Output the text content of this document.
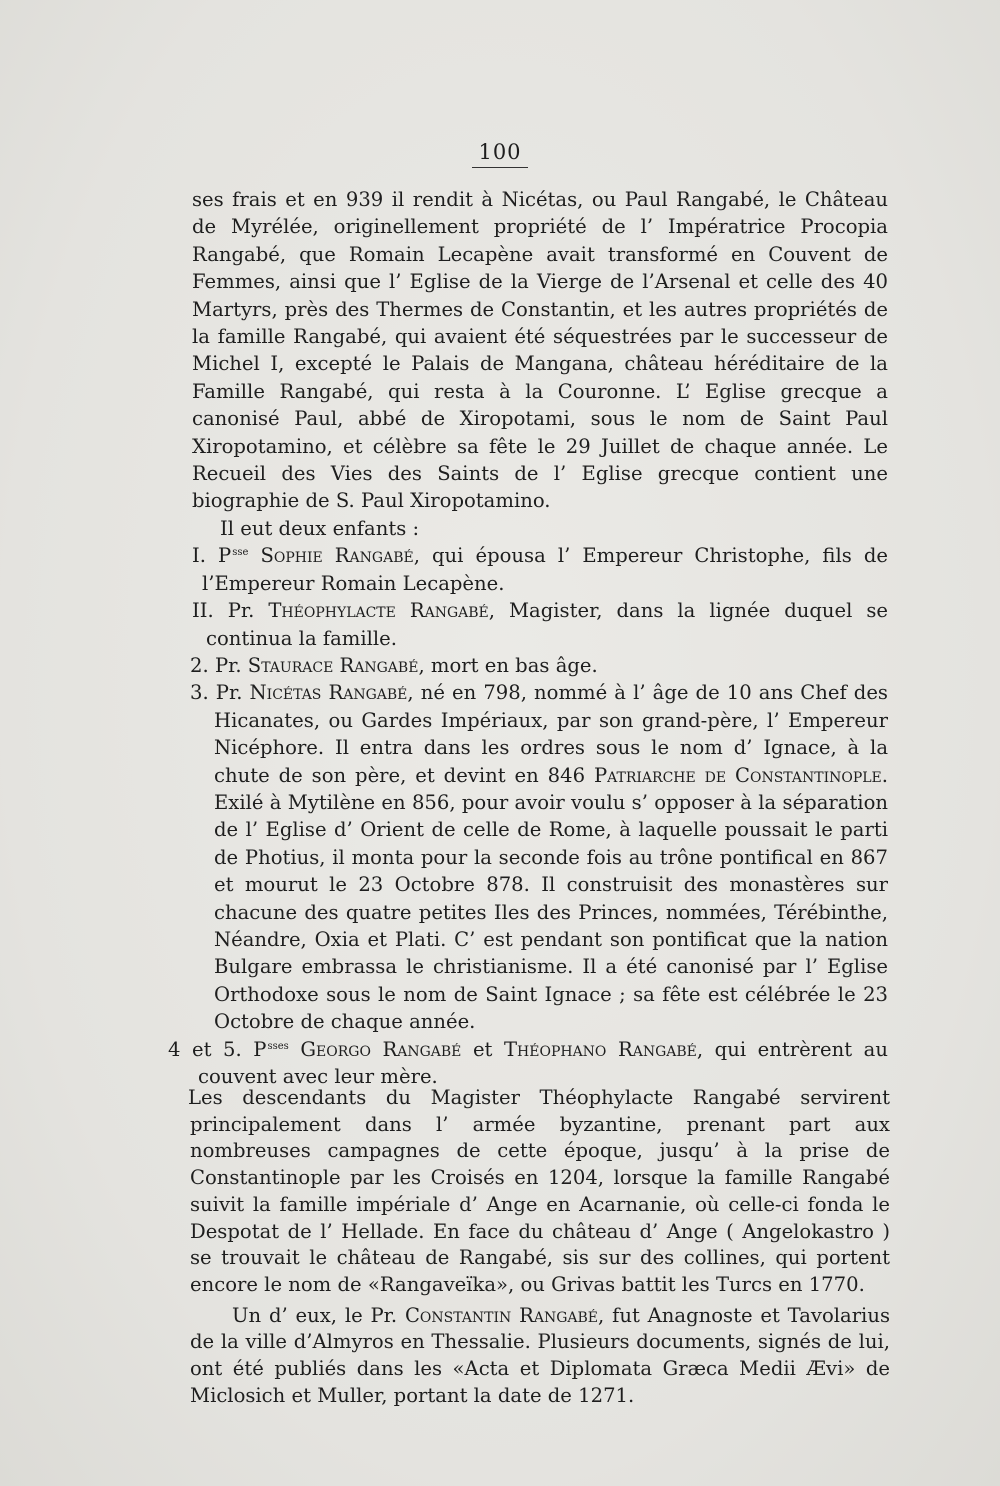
100

ses frais et en 939 il rendit à Nicétas, ou Paul Rangabé, le Château de Myrélée, originellement propriété de l’ Impératrice Procopia Rangabé, que Romain Lecapène avait transformé en Couvent de Femmes, ainsi que l’ Eglise de la Vierge de l’Arsenal et celle des 40 Martyrs, près des Thermes de Constantin, et les autres propriétés de la famille Rangabé, qui avaient été séquestrées par le successeur de Michel I, excepté le Palais de Mangana, château héréditaire de la Famille Rangabé, qui resta à la Couronne. L’ Eglise grecque a canonisé Paul, abbé de Xiropotami, sous le nom de Saint Paul Xiropotamino, et célèbre sa fête le 29 Juillet de chaque année. Le Recueil des Vies des Saints de l’ Eglise grecque contient une biographie de S. Paul Xiropotamino.

Il eut deux enfants :

I. $P^{sse}$ Sophie Rangabé, qui épousa l’ Empereur Christophe, fils de l’Empereur Romain Lecapène.

II. Pr. Théophylacte Rangabé, Magister, dans la lignée duquel se continua la famille.

2. Pr. Staurace Rangabé, mort en bas âge.

3. Pr. Nicétas Rangabé, né en 798, nommé à l’ âge de 10 ans Chef des Hicanates, ou Gardes Impériaux, par son grand-père, l’ Empereur Nicéphore. Il entra dans les ordres sous le nom d’ Ignace, à la chute de son père, et devint en 846 Patriarche de Constantinople. Exilé à Mytilène en 856, pour avoir voulu s’ opposer à la séparation de l’ Eglise d’ Orient de celle de Rome, à laquelle poussait le parti de Photius, il monta pour la seconde fois au trône pontifical en 867 et mourut le 23 Octobre 878. Il construisit des monastères sur chacune des quatre petites Iles des Princes, nommées, Térébinthe, Néandre, Oxia et Plati. C’ est pendant son pontificat que la nation Bulgare embrassa le christianisme. Il a été canonisé par l’ Eglise Orthodoxe sous le nom de Saint Ignace ; sa fête est célébrée le 23 Octobre de chaque année.

4 et 5. $P^{sses}$ Georgo Rangabé et Théophano Rangabé, qui entrèrent au couvent avec leur mère.

Les descendants du Magister Théophylacte Rangabé servirent principalement dans l’ armée byzantine, prenant part aux nombreuses campagnes de cette époque, jusqu’ à la prise de Constantinople par les Croisés en 1204, lorsque la famille Rangabé suivit la famille impériale d’ Ange en Acarnanie, où celle-ci fonda le Despotat de l’ Hellade. En face du château d’ Ange ( Angelokastro ) se trouvait le château de Rangabé, sis sur des collines, qui portent encore le nom de «Rangaveïka», ou Grivas battit les Turcs en 1770.

Un d’ eux, le Pr. Constantin Rangabé, fut Anagnoste et Tavolarius de la ville d’Almyros en Thessalie. Plusieurs documents, signés de lui, ont été publiés dans les «Acta et Diplomata Græca Medii Ævi» de Miclosich et Muller, portant la date de 1271.
